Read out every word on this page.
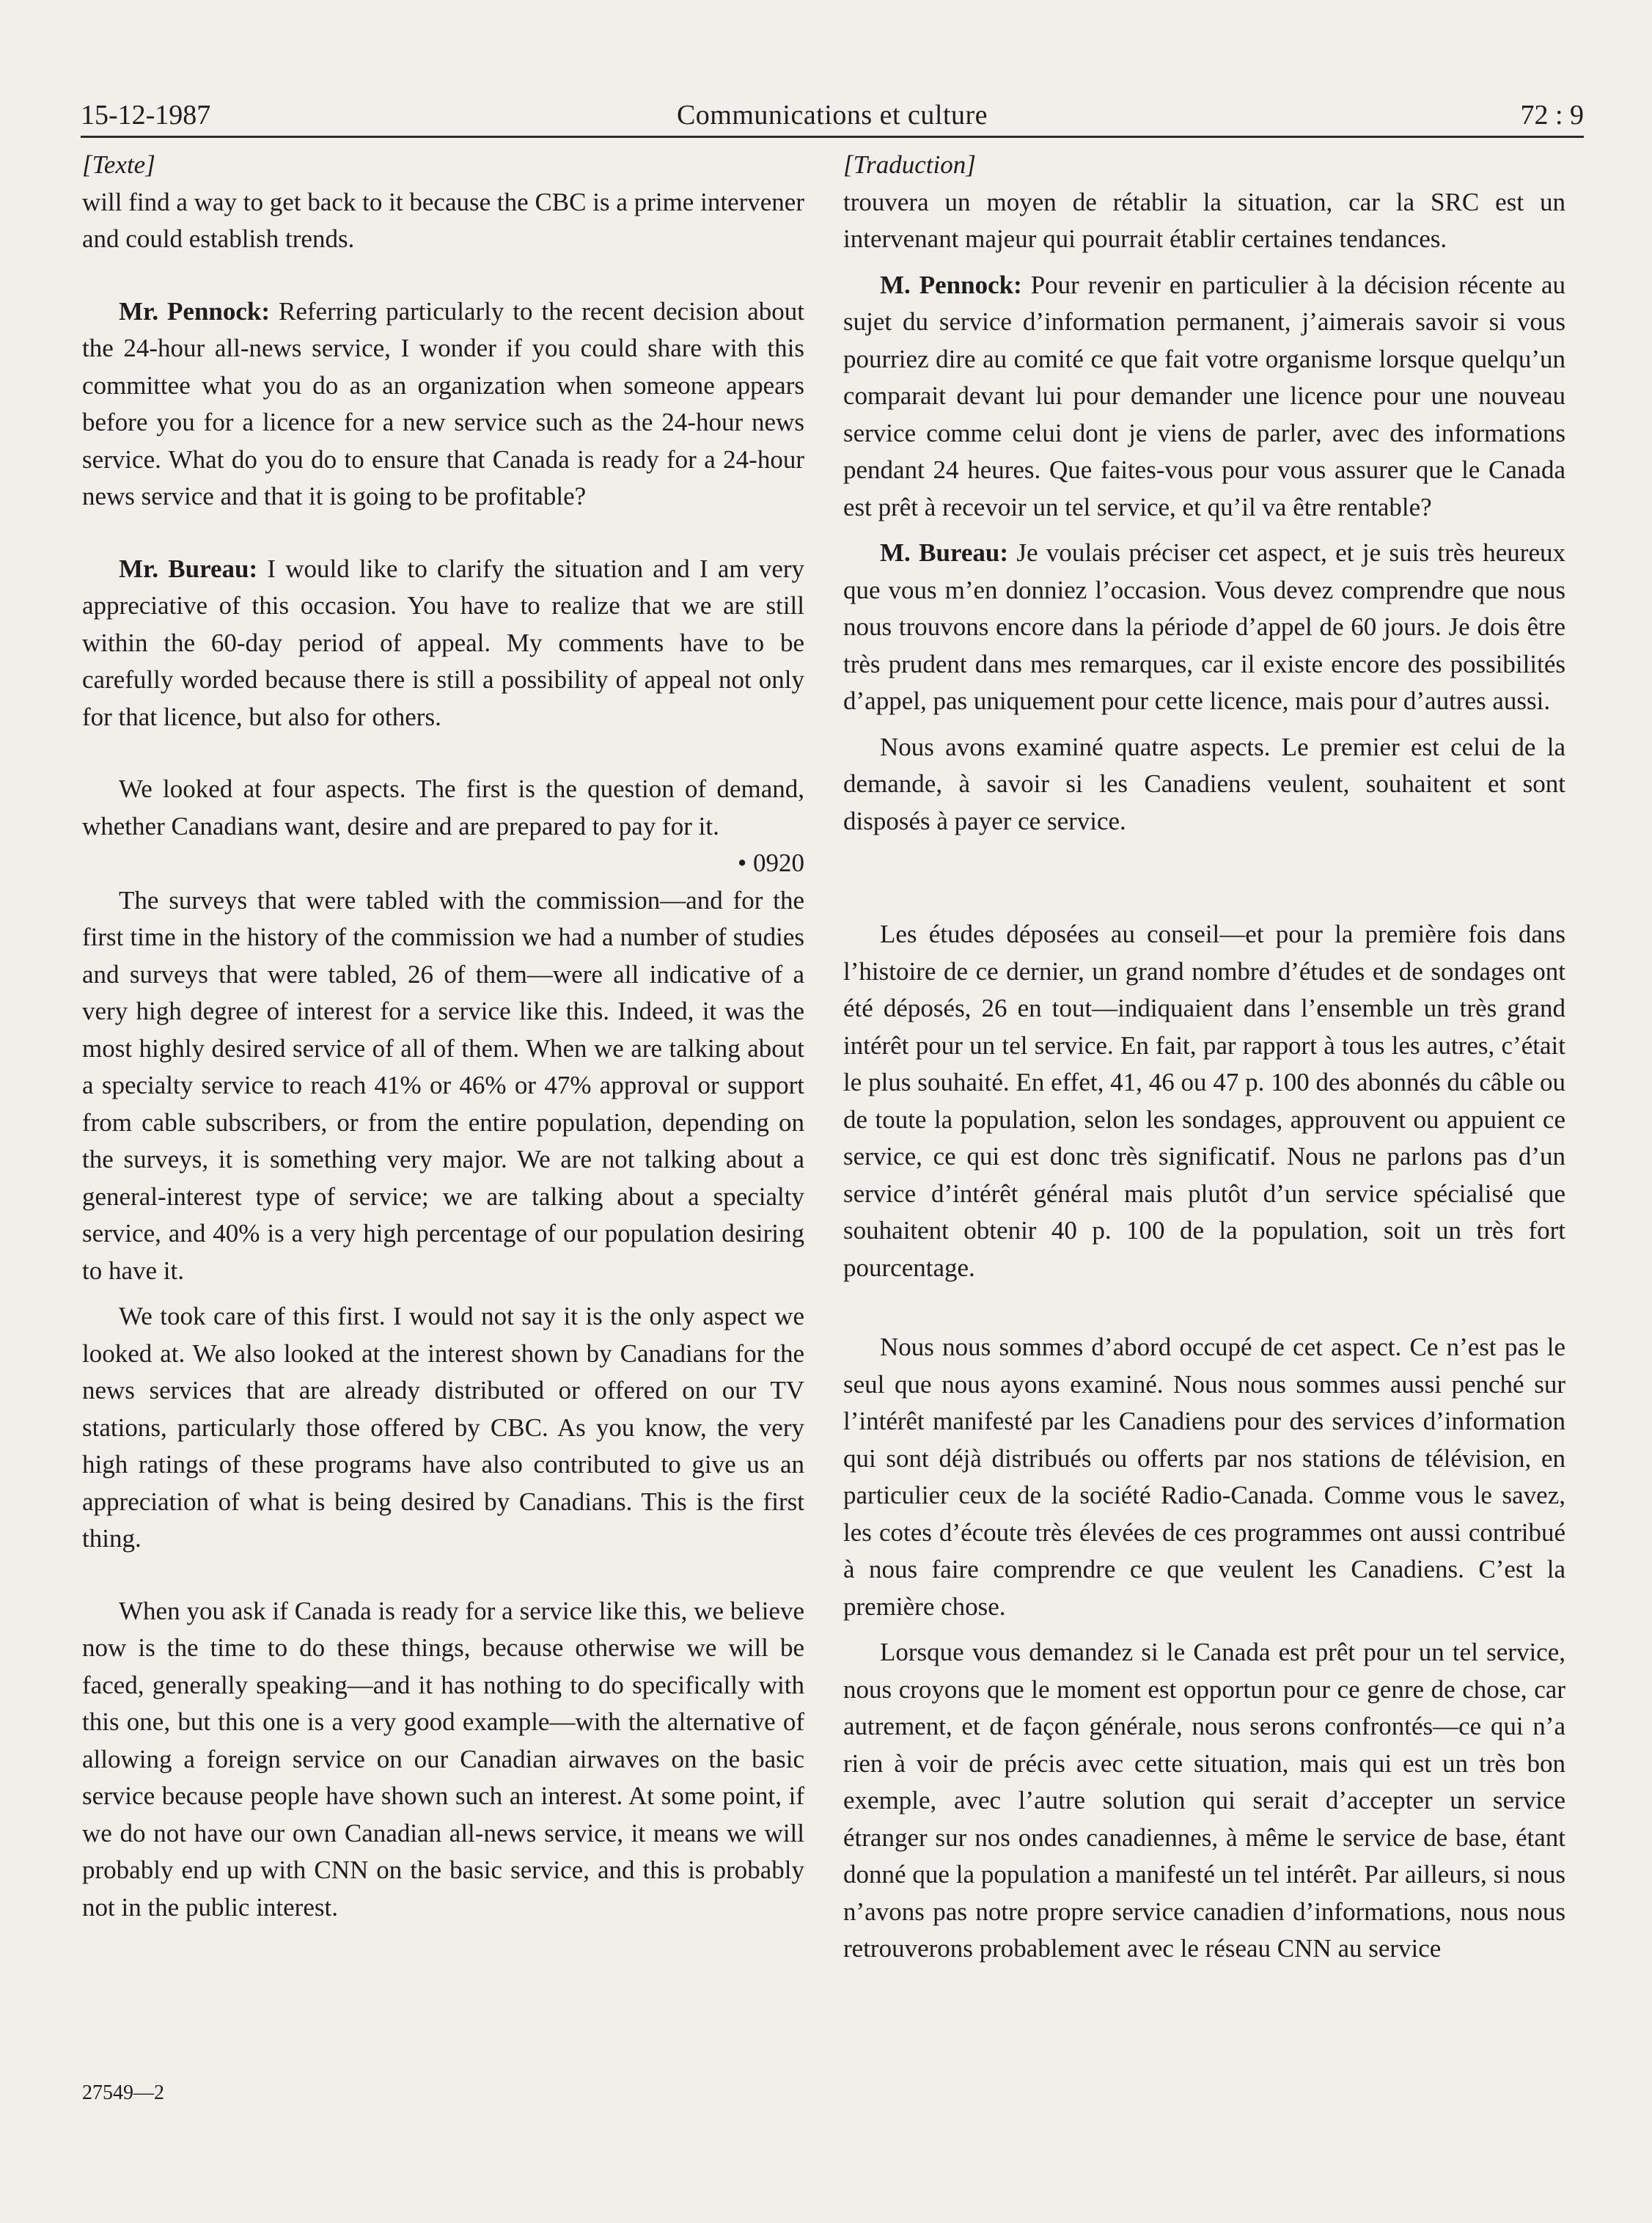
15-12-1987	Communications et culture	72 : 9

[Texte]

will find a way to get back to it because the CBC is a prime intervener and could establish trends.

Mr. Pennock: Referring particularly to the recent decision about the 24-hour all-news service, I wonder if you could share with this committee what you do as an organization when someone appears before you for a licence for a new service such as the 24-hour news service. What do you do to ensure that Canada is ready for a 24-hour news service and that it is going to be profitable?

Mr. Bureau: I would like to clarify the situation and I am very appreciative of this occasion. You have to realize that we are still within the 60-day period of appeal. My comments have to be carefully worded because there is still a possibility of appeal not only for that licence, but also for others.

We looked at four aspects. The first is the question of demand, whether Canadians want, desire and are prepared to pay for it.

• 0920

The surveys that were tabled with the commission—and for the first time in the history of the commission we had a number of studies and surveys that were tabled, 26 of them—were all indicative of a very high degree of interest for a service like this. Indeed, it was the most highly desired service of all of them. When we are talking about a specialty service to reach 41% or 46% or 47% approval or support from cable subscribers, or from the entire population, depending on the surveys, it is something very major. We are not talking about a general-interest type of service; we are talking about a specialty service, and 40% is a very high percentage of our population desiring to have it.

We took care of this first. I would not say it is the only aspect we looked at. We also looked at the interest shown by Canadians for the news services that are already distributed or offered on our TV stations, particularly those offered by CBC. As you know, the very high ratings of these programs have also contributed to give us an appreciation of what is being desired by Canadians. This is the first thing.

When you ask if Canada is ready for a service like this, we believe now is the time to do these things, because otherwise we will be faced, generally speaking—and it has nothing to do specifically with this one, but this one is a very good example—with the alternative of allowing a foreign service on our Canadian airwaves on the basic service because people have shown such an interest. At some point, if we do not have our own Canadian all-news service, it means we will probably end up with CNN on the basic service, and this is probably not in the public interest.

[Traduction]

trouvera un moyen de rétablir la situation, car la SRC est un intervenant majeur qui pourrait établir certaines tendances.

M. Pennock: Pour revenir en particulier à la décision récente au sujet du service d’information permanent, j’aimerais savoir si vous pourriez dire au comité ce que fait votre organisme lorsque quelqu’un comparait devant lui pour demander une licence pour une nouveau service comme celui dont je viens de parler, avec des informations pendant 24 heures. Que faites-vous pour vous assurer que le Canada est prêt à recevoir un tel service, et qu’il va être rentable?

M. Bureau: Je voulais préciser cet aspect, et je suis très heureux que vous m’en donniez l’occasion. Vous devez comprendre que nous nous trouvons encore dans la période d’appel de 60 jours. Je dois être très prudent dans mes remarques, car il existe encore des possibilités d’appel, pas uniquement pour cette licence, mais pour d’autres aussi.

Nous avons examiné quatre aspects. Le premier est celui de la demande, à savoir si les Canadiens veulent, souhaitent et sont disposés à payer ce service.

Les études déposées au conseil—et pour la première fois dans l’histoire de ce dernier, un grand nombre d’études et de sondages ont été déposés, 26 en tout—indiquaient dans l’ensemble un très grand intérêt pour un tel service. En fait, par rapport à tous les autres, c’était le plus souhaité. En effet, 41, 46 ou 47 p. 100 des abonnés du câble ou de toute la population, selon les sondages, approuvent ou appuient ce service, ce qui est donc très significatif. Nous ne parlons pas d’un service d’intérêt général mais plutôt d’un service spécialisé que souhaitent obtenir 40 p. 100 de la population, soit un très fort pourcentage.

Nous nous sommes d’abord occupé de cet aspect. Ce n’est pas le seul que nous ayons examiné. Nous nous sommes aussi penché sur l’intérêt manifesté par les Canadiens pour des services d’information qui sont déjà distribués ou offerts par nos stations de télévision, en particulier ceux de la société Radio-Canada. Comme vous le savez, les cotes d’écoute très élevées de ces programmes ont aussi contribué à nous faire comprendre ce que veulent les Canadiens. C’est la première chose.

Lorsque vous demandez si le Canada est prêt pour un tel service, nous croyons que le moment est opportun pour ce genre de chose, car autrement, et de façon générale, nous serons confrontés—ce qui n’a rien à voir de précis avec cette situation, mais qui est un très bon exemple, avec l’autre solution qui serait d’accepter un service étranger sur nos ondes canadiennes, à même le service de base, étant donné que la population a manifesté un tel intérêt. Par ailleurs, si nous n’avons pas notre propre service canadien d’informations, nous nous retrouverons probablement avec le réseau CNN au service

27549—2
